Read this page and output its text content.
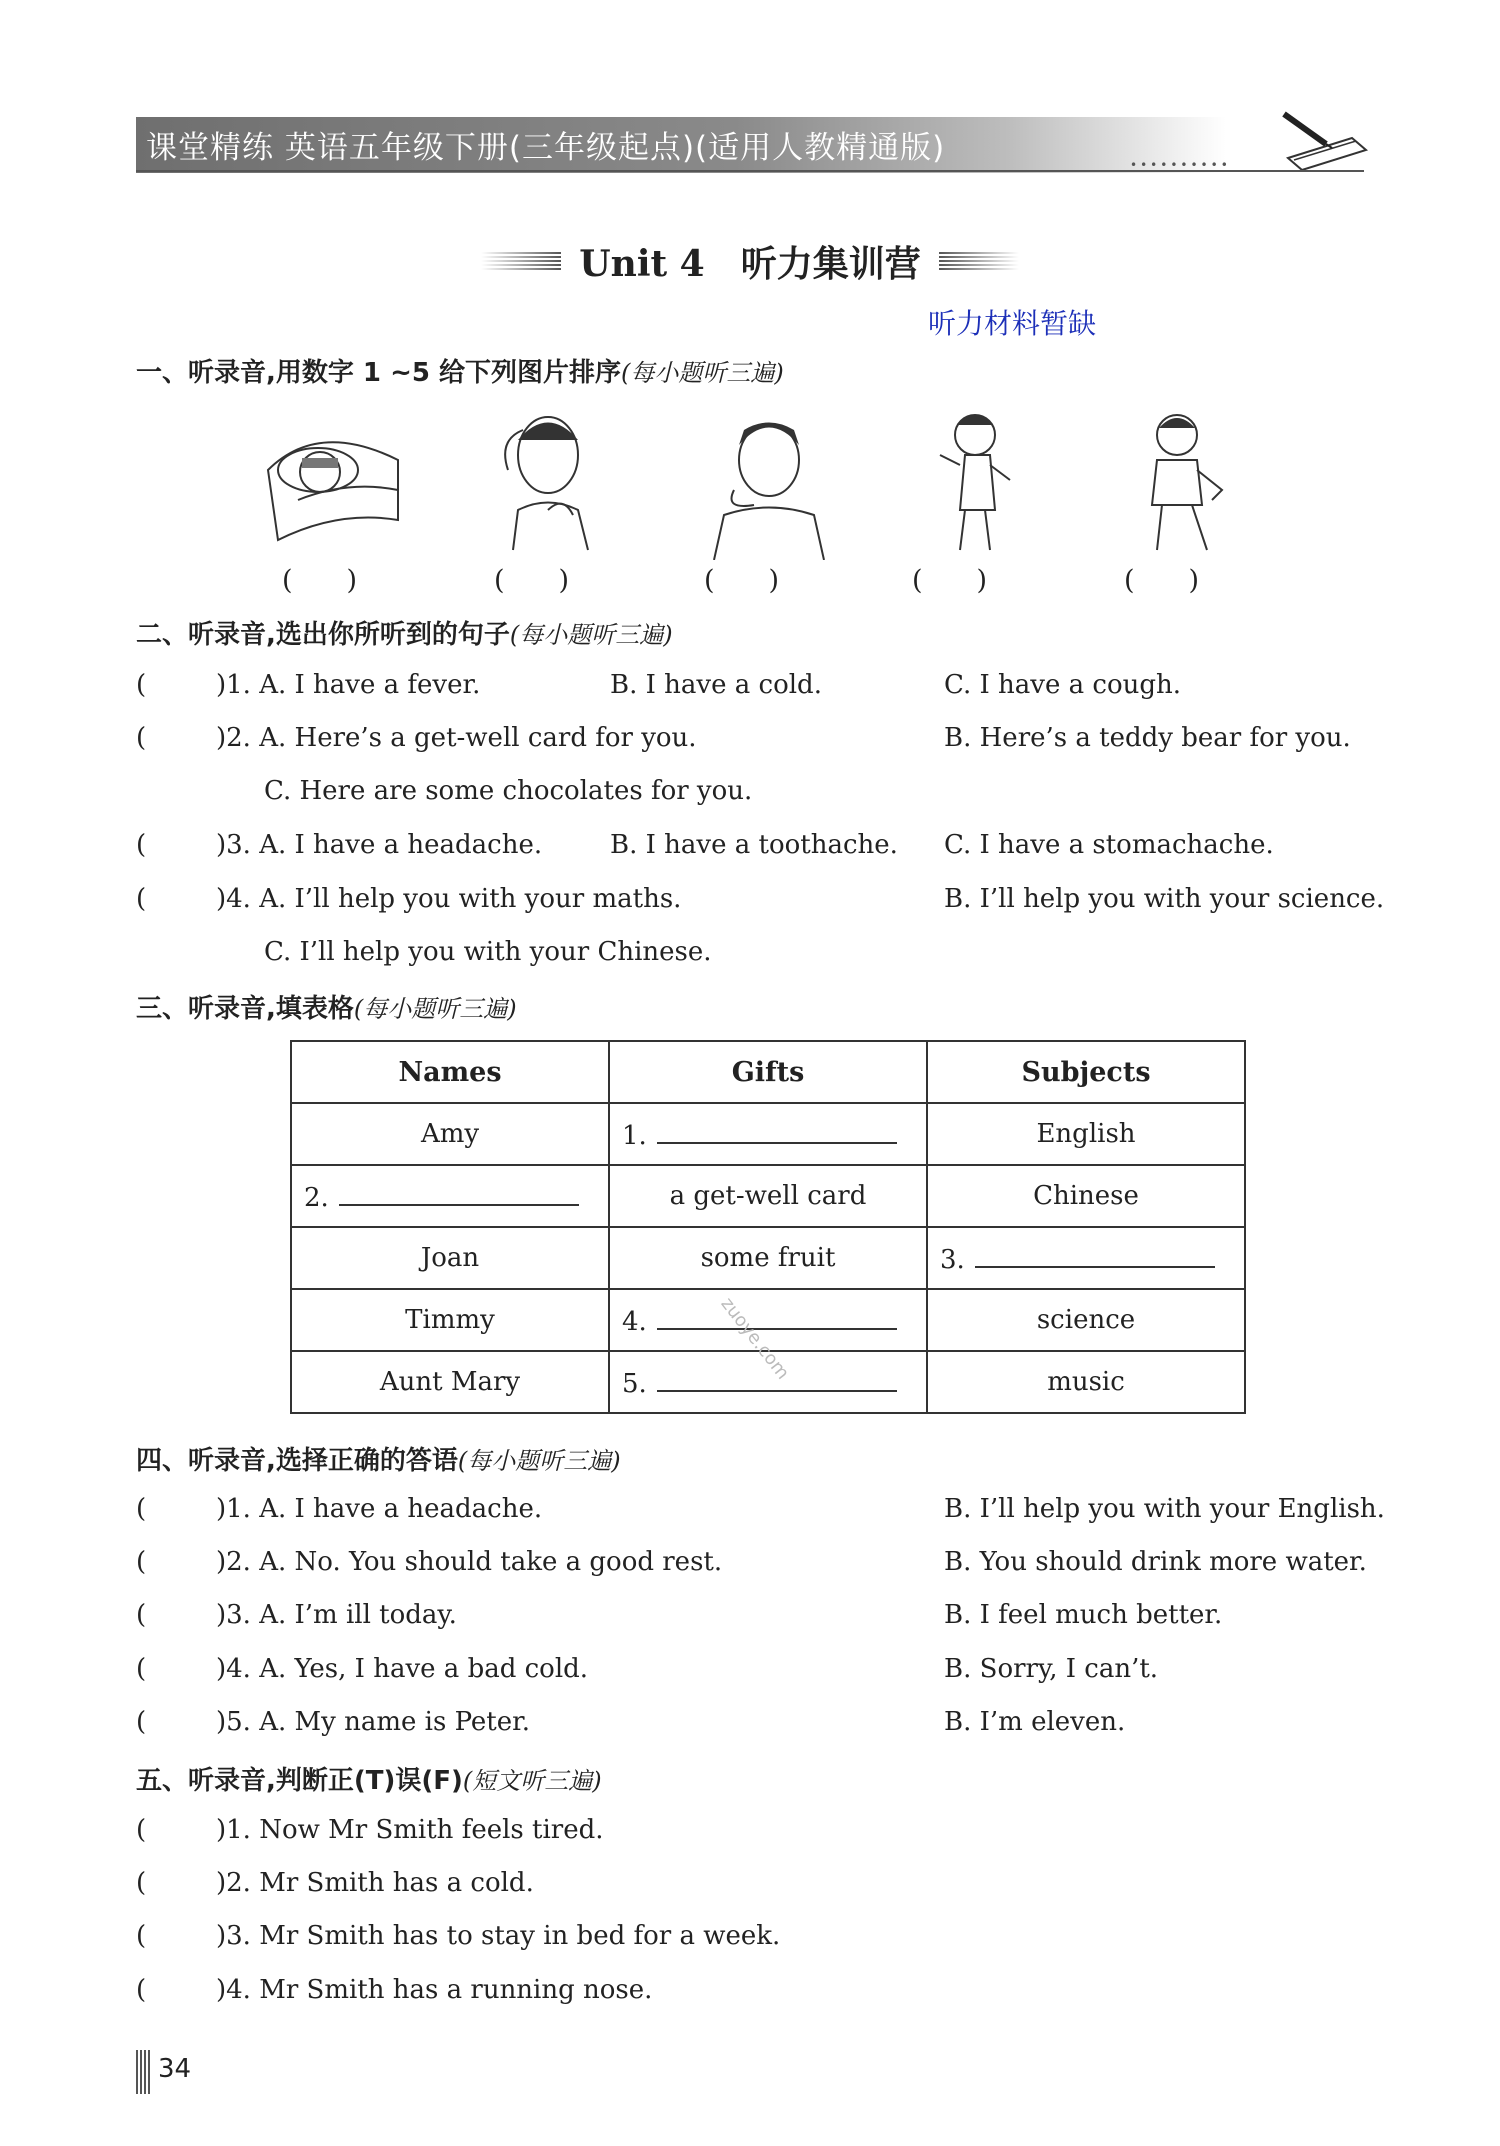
课堂精练 英语五年级下册(三年级起点)(适用人教精通版)	••••••••••
Unit 4　听力集训营
听力材料暂缺
一、听录音,用数字 1 ~5 给下列图片排序(每小题听三遍)
(　　)	(　　)	(　　)	(　　)	(　　)
二、听录音,选出你所听到的句子(每小题听三遍)
(	)1. A. I have a fever.	B. I have a cold.	C. I have a cough.
(	)2. A. Here’s a get-well card for you.	B. Here’s a teddy bear for you.
C. Here are some chocolates for you.
(	)3. A. I have a headache.	B. I have a toothache. C. I have a stomachache.
(	)4. A. I’ll help you with your maths.	B. I’ll help you with your science.
C. I’ll help you with your Chinese.
三、听录音,填表格(每小题听三遍)
Names	Gifts	Subjects
Amy	1.	English
2.	a get-well card	Chinese
Joan	some fruit	3.
Timmy	4.	science
Aunt Mary	5.	music
zuoye.com
四、听录音,选择正确的答语(每小题听三遍)
(	)1. A. I have a headache.	B. I’ll help you with your English.
(	)2. A. No. You should take a good rest.	B. You should drink more water.
(	)3. A. I’m ill today.	B. I feel much better.
(	)4. A. Yes, I have a bad cold.	B. Sorry, I can’t.
(	)5. A. My name is Peter.	B. I’m eleven.
五、听录音,判断正(T)误(F)(短文听三遍)
(	)1. Now Mr Smith feels tired.
(	)2. Mr Smith has a cold.
(	)3. Mr Smith has to stay in bed for a week.
(	)4. Mr Smith has a running nose.
34
